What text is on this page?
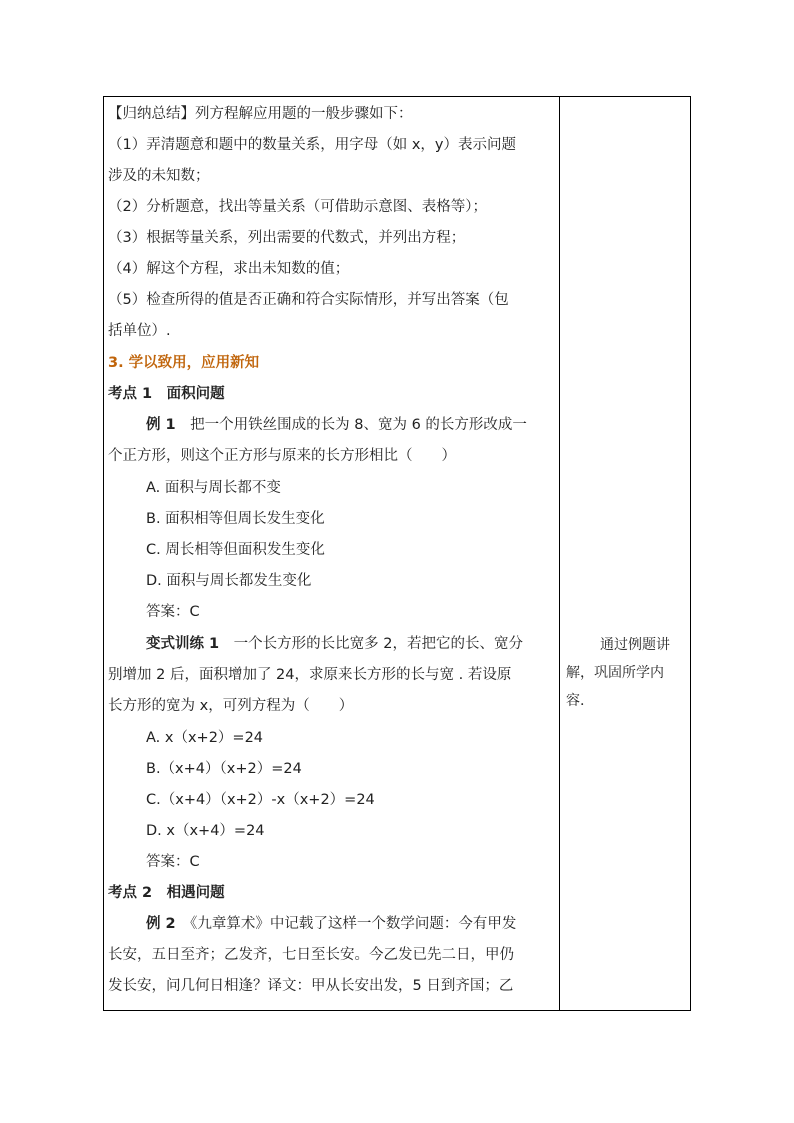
【归纳总结】列方程解应用题的一般步骤如下：
（1）弄清题意和题中的数量关系，用字母（如 x，y）表示问题
涉及的未知数；
（2）分析题意，找出等量关系（可借助示意图、表格等）；
（3）根据等量关系，列出需要的代数式，并列出方程；
（4）解这个方程，求出未知数的值；
（5）检查所得的值是否正确和符合实际情形，并写出答案（包
括单位）.
3. 学以致用，应用新知
考点 1　面积问题
例 1　把一个用铁丝围成的长为 8、宽为 6 的长方形改成一
个正方形，则这个正方形与原来的长方形相比（　　）
A. 面积与周长都不变
B. 面积相等但周长发生变化
C. 周长相等但面积发生变化
D. 面积与周长都发生变化
答案：C
变式训练 1　一个长方形的长比宽多 2，若把它的长、宽分
别增加 2 后，面积增加了 24，求原来长方形的长与宽 . 若设原
长方形的宽为 x，可列方程为（　　）
A. x（x+2）=24
B.（x+4）（x+2）=24
C.（x+4）（x+2）-x（x+2）=24
D. x（x+4）=24
答案：C
考点 2　相遇问题
例 2　《九章算术》中记载了这样一个数学问题：今有甲发
长安，五日至齐；乙发齐，七日至长安。今乙发已先二日，甲仍
发长安，问几何日相逢？译文：甲从长安出发，5 日到齐国；乙
通过例题讲
解，巩固所学内
容.
